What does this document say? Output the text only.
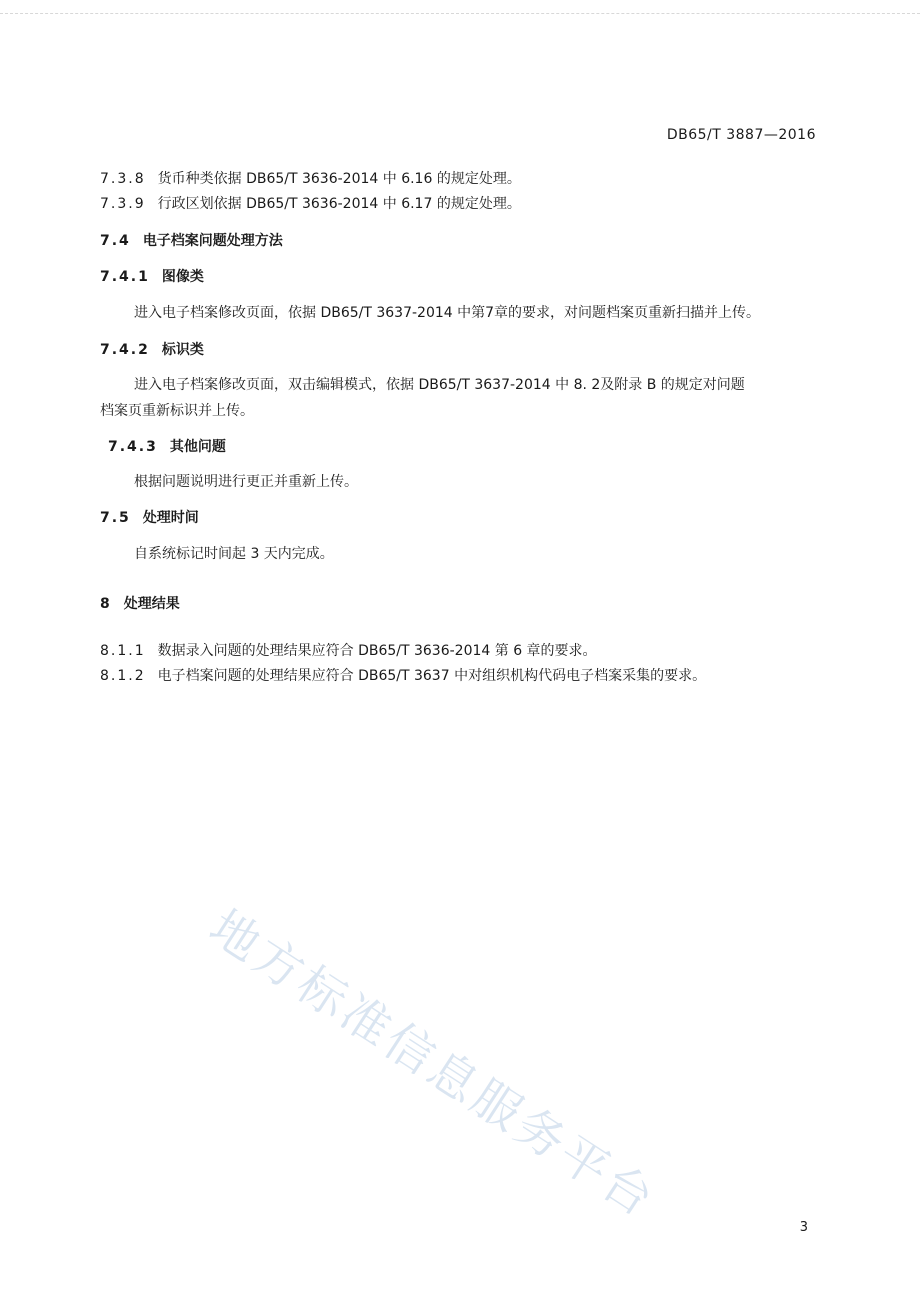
DB65/T 3887—2016
7.3.8 货币种类依据 DB65/T 3636-2014 中 6.16 的规定处理。
7.3.9 行政区划依据 DB65/T 3636-2014 中 6.17 的规定处理。
7.4 电子档案问题处理方法
7.4.1 图像类
进入电子档案修改页面，依据 DB65/T 3637-2014 中第7章的要求，对问题档案页重新扫描并上传。
7.4.2 标识类
进入电子档案修改页面，双击编辑模式，依据 DB65/T 3637-2014 中 8. 2及附录 B 的规定对问题
档案页重新标识并上传。
7.4.3 其他问题
根据问题说明进行更正并重新上传。
7.5 处理时间
自系统标记时间起 3 天内完成。
8 处理结果
8.1.1 数据录入问题的处理结果应符合 DB65/T 3636-2014 第 6 章的要求。
8.1.2 电子档案问题的处理结果应符合 DB65/T 3637 中对组织机构代码电子档案采集的要求。
地方标准信息服务平台	3
